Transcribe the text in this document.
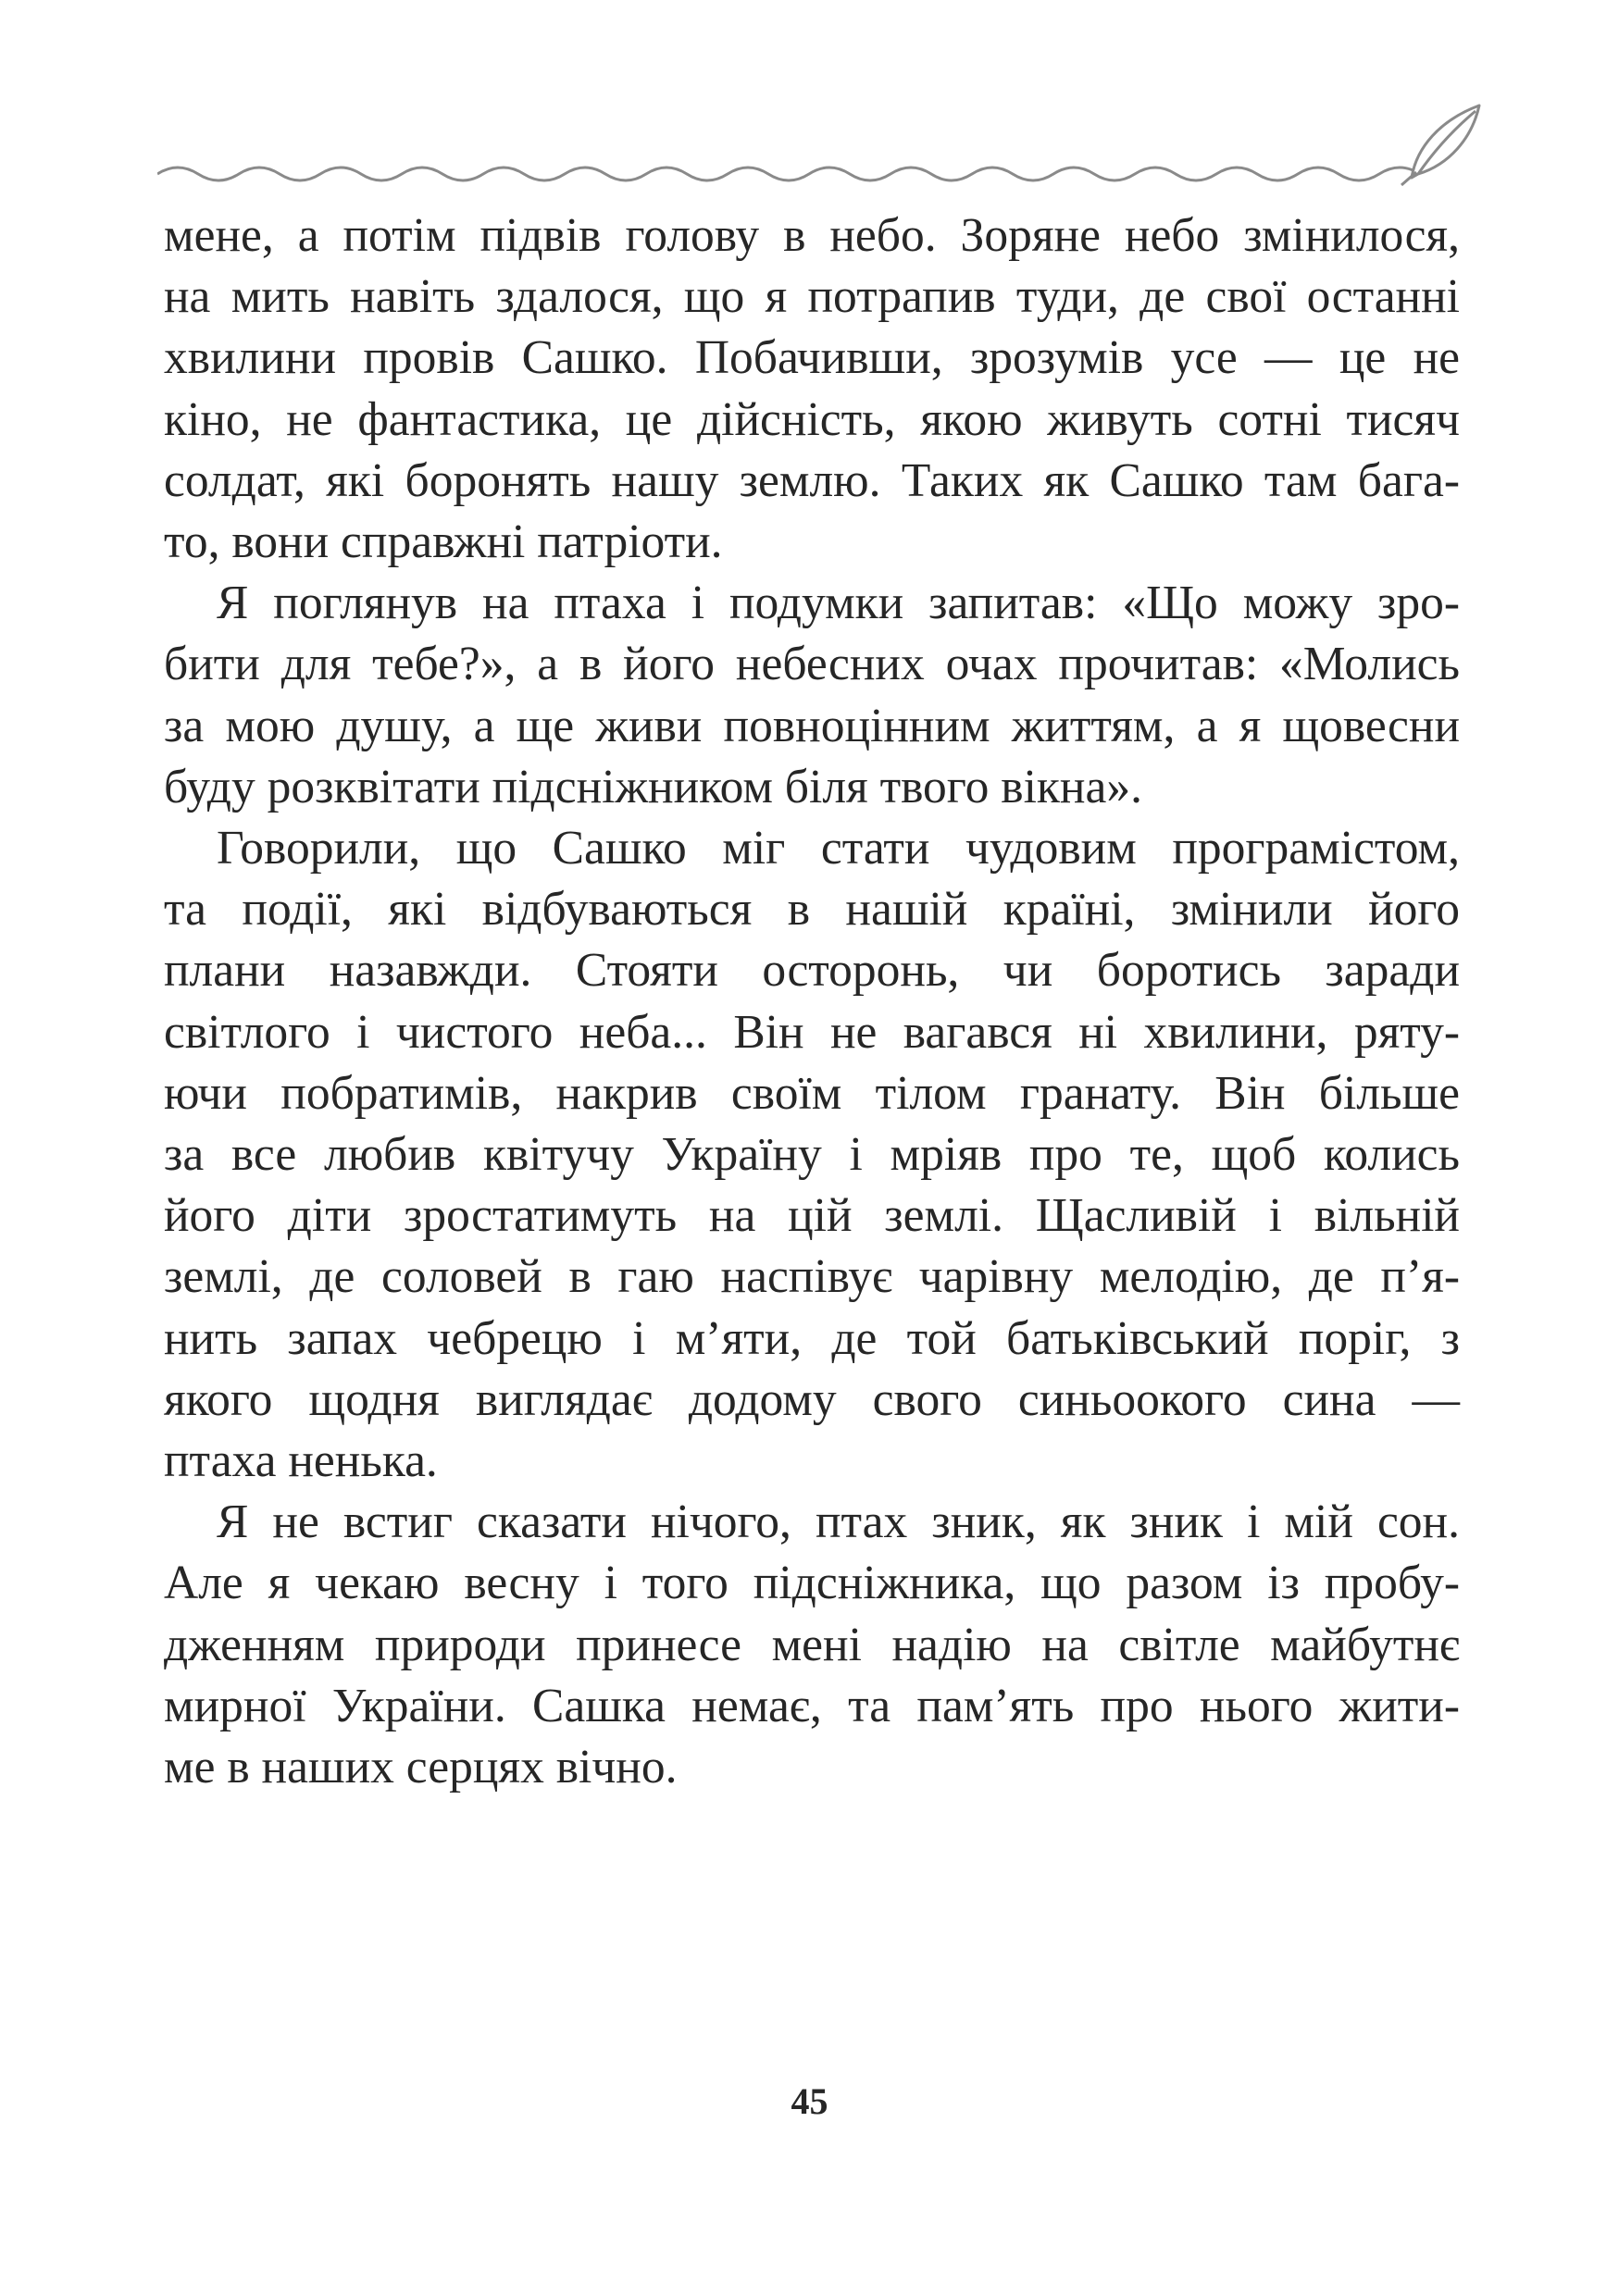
мене, а потім підвів голову в небо. Зоряне небо змінилося,
на мить навіть здалося, що я потрапив туди, де свої останні
хвилини провів Сашко. Побачивши, зрозумів усе — це не
кіно, не фантастика, це дійсність, якою живуть сотні тисяч
солдат, які боронять нашу землю. Таких як Сашко там бага-
то, вони справжні патріоти.
Я поглянув на птаха і подумки запитав: «Що можу зро-
бити для тебе?», а в його небесних очах прочитав: «Молись
за мою душу, а ще живи повноцінним життям, а я щовесни
буду розквітати підсніжником біля твого вікна».
Говорили, що Сашко міг стати чудовим програмістом,
та події, які відбуваються в нашій країні, змінили його
плани назавжди. Стояти осторонь, чи боротись заради
світлого і чистого неба... Він не вагався ні хвилини, ряту-
ючи побратимів, накрив своїм тілом гранату. Він більше
за все любив квітучу Україну і мріяв про те, щоб колись
його діти зростатимуть на цій землі. Щасливій і вільній
землі, де соловей в гаю наспівує чарівну мелодію, де п’я-
нить запах чебрецю і м’яти, де той батьківський поріг, з
якого щодня виглядає додому свого синьоокого сина —
птаха ненька.
Я не встиг сказати нічого, птах зник, як зник і мій сон.
Але я чекаю весну і того підсніжника, що разом із пробу-
дженням природи принесе мені надію на світле майбутнє
мирної України. Сашка немає, та пам’ять про нього жити-
ме в наших серцях вічно.
45
